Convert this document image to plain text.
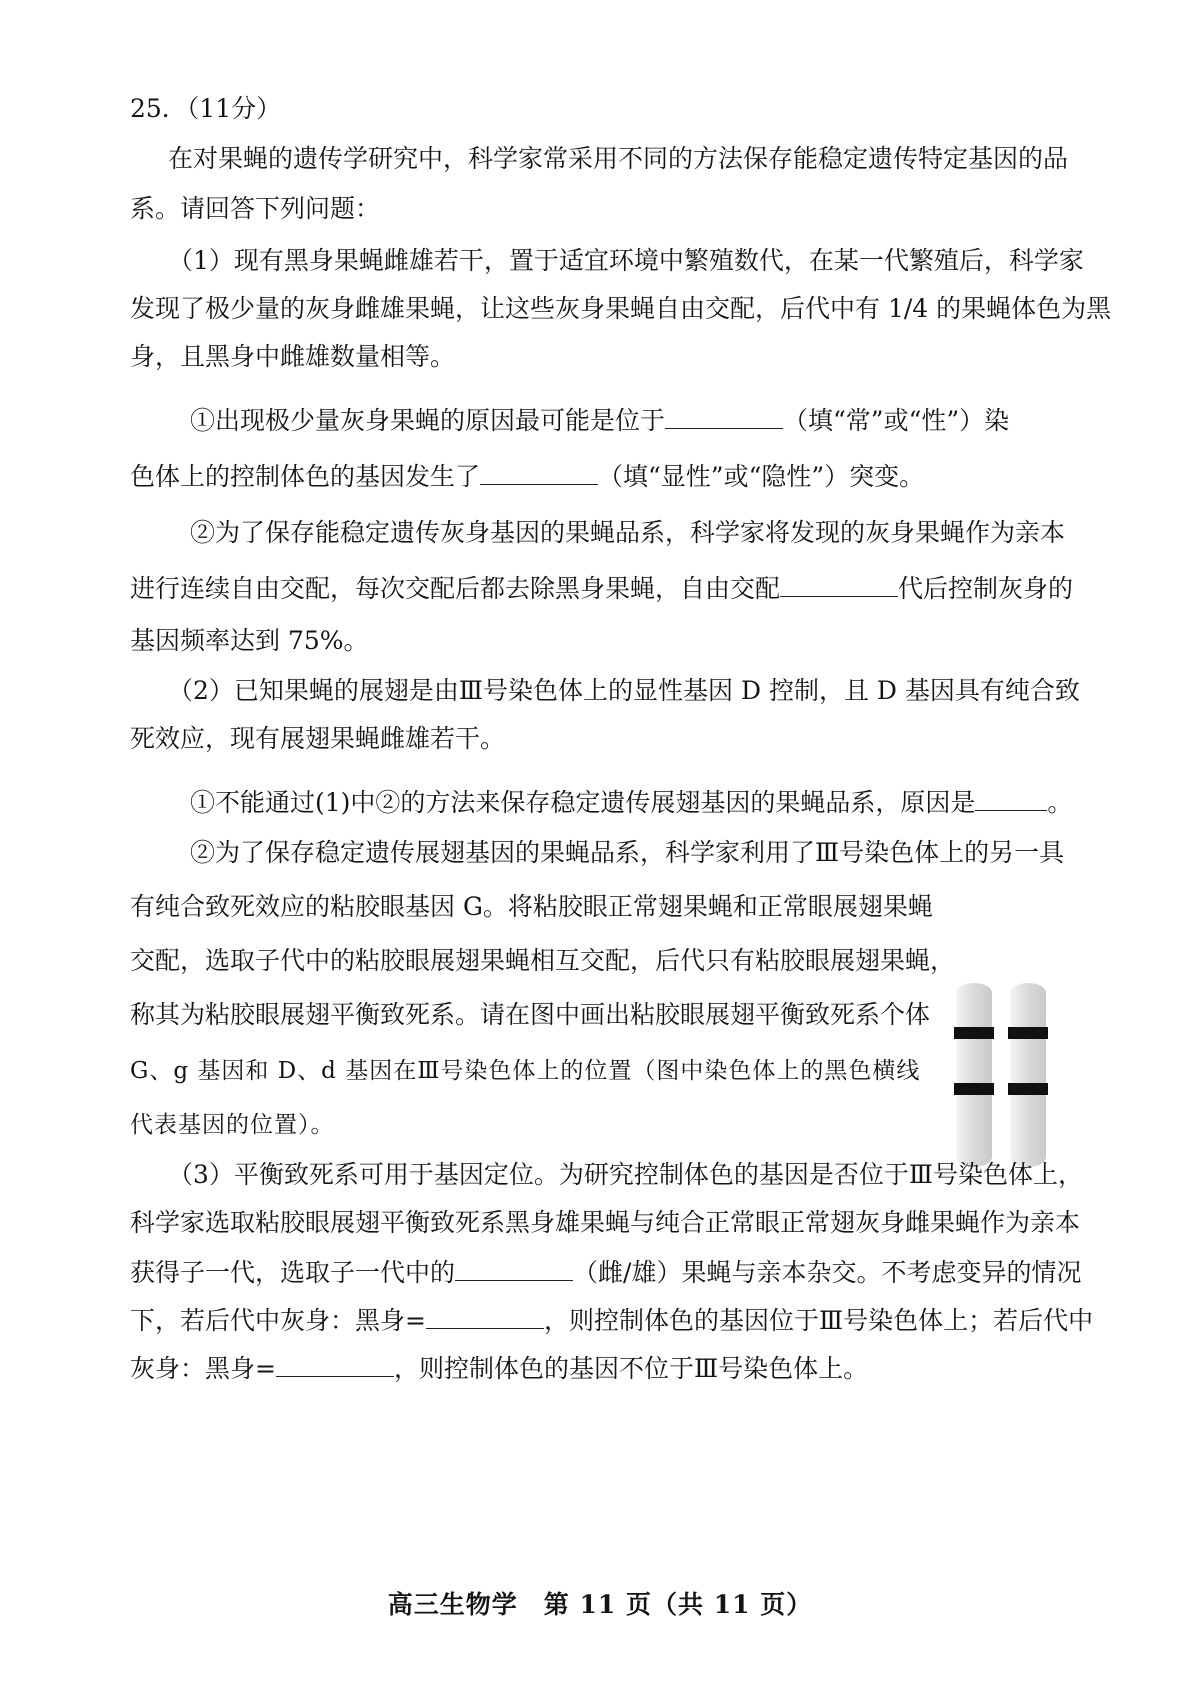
25．（11分）
在对果蝇的遗传学研究中，科学家常采用不同的方法保存能稳定遗传特定基因的品
系。请回答下列问题：
（1）现有黑身果蝇雌雄若干，置于适宜环境中繁殖数代，在某一代繁殖后，科学家
发现了极少量的灰身雌雄果蝇，让这些灰身果蝇自由交配，后代中有 1/4 的果蝇体色为黑
身，且黑身中雌雄数量相等。
①出现极少量灰身果蝇的原因最可能是位于	（填“常”或“性”）染
色体上的控制体色的基因发生了	（填“显性”或“隐性”）突变。
②为了保存能稳定遗传灰身基因的果蝇品系，科学家将发现的灰身果蝇作为亲本
进行连续自由交配，每次交配后都去除黑身果蝇，自由交配	代后控制灰身的
基因频率达到 75%。
（2）已知果蝇的展翅是由Ⅲ号染色体上的显性基因 D 控制，且 D 基因具有纯合致
死效应，现有展翅果蝇雌雄若干。
①不能通过(1)中②的方法来保存稳定遗传展翅基因的果蝇品系，原因是	。
②为了保存稳定遗传展翅基因的果蝇品系，科学家利用了Ⅲ号染色体上的另一具
有纯合致死效应的粘胶眼基因 G。将粘胶眼正常翅果蝇和正常眼展翅果蝇
交配，选取子代中的粘胶眼展翅果蝇相互交配，后代只有粘胶眼展翅果蝇，
称其为粘胶眼展翅平衡致死系。请在图中画出粘胶眼展翅平衡致死系个体
G、g 基因和 D、d 基因在Ⅲ号染色体上的位置（图中染色体上的黑色横线
代表基因的位置）。
（3）平衡致死系可用于基因定位。为研究控制体色的基因是否位于Ⅲ号染色体上，
科学家选取粘胶眼展翅平衡致死系黑身雄果蝇与纯合正常眼正常翅灰身雌果蝇作为亲本
获得子一代，选取子一代中的	（雌/雄）果蝇与亲本杂交。不考虑变异的情况
下，若后代中灰身：黑身=	，则控制体色的基因位于Ⅲ号染色体上；若后代中
灰身：黑身=	，则控制体色的基因不位于Ⅲ号染色体上。
高三生物学　第 11 页（共 11 页）
